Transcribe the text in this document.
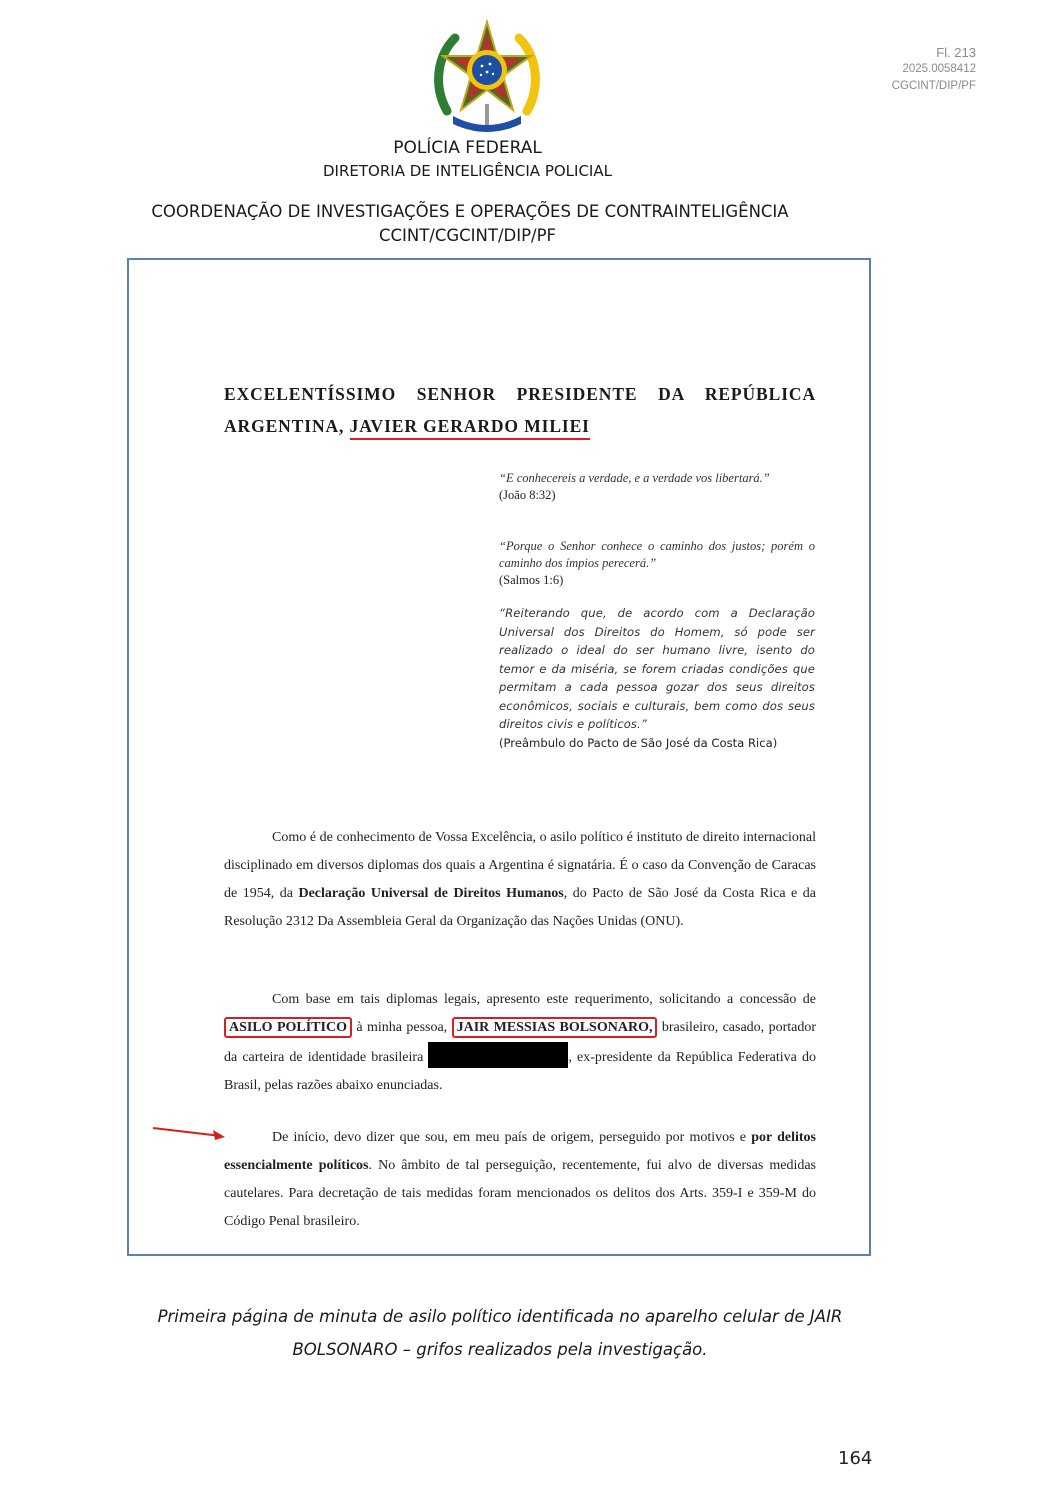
Fl. 213
2025.0058412
CGCINT/DIP/PF
POLÍCIA FEDERAL
DIRETORIA DE INTELIGÊNCIA POLICIAL
COORDENAÇÃO DE INVESTIGAÇÕES E OPERAÇÕES DE CONTRAINTELIGÊNCIA
CCINT/CGCINT/DIP/PF
EXCELENTÍSSIMO SENHOR PRESIDENTE DA REPÚBLICA ARGENTINA, JAVIER GERARDO MILIEI
“E conhecereis a verdade, e a verdade vos libertará.”
(João 8:32)
“Porque o Senhor conhece o caminho dos justos; porém o caminho dos ímpios perecerá.”
(Salmos 1:6)
“Reiterando que, de acordo com a Declaração Universal dos Direitos do Homem, só pode ser realizado o ideal do ser humano livre, isento do temor e da miséria, se forem criadas condições que permitam a cada pessoa gozar dos seus direitos econômicos, sociais e culturais, bem como dos seus direitos civis e políticos.”
(Preâmbulo do Pacto de São José da Costa Rica)
Como é de conhecimento de Vossa Excelência, o asilo político é instituto de direito internacional disciplinado em diversos diplomas dos quais a Argentina é signatária. É o caso da Convenção de Caracas de 1954, da Declaração Universal de Direitos Humanos, do Pacto de São José da Costa Rica e da Resolução 2312 Da Assembleia Geral da Organização das Nações Unidas (ONU).
Com base em tais diplomas legais, apresento este requerimento, solicitando a concessão de ASILO POLÍTICO à minha pessoa, JAIR MESSIAS BOLSONARO, brasileiro, casado, portador da carteira de identidade brasileira	, ex-presidente da República Federativa do Brasil, pelas razões abaixo enunciadas.
De início, devo dizer que sou, em meu país de origem, perseguido por motivos e por delitos essencialmente políticos. No âmbito de tal perseguição, recentemente, fui alvo de diversas medidas cautelares. Para decretação de tais medidas foram mencionados os delitos dos Arts. 359-I e 359-M do Código Penal brasileiro.
Primeira página de minuta de asilo político identificada no aparelho celular de JAIR
BOLSONARO – grifos realizados pela investigação.
164
